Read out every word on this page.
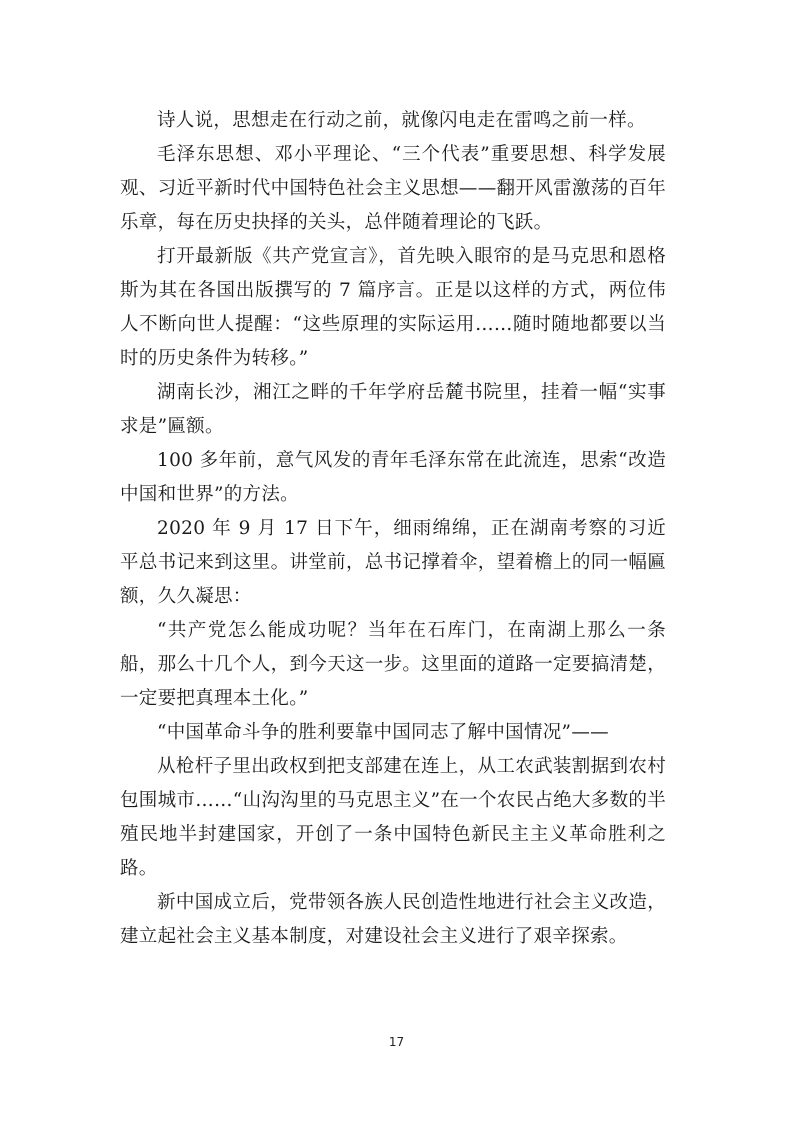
诗人说，思想走在行动之前，就像闪电走在雷鸣之前一样。

毛泽东思想、邓小平理论、“三个代表”重要思想、科学发展观、习近平新时代中国特色社会主义思想——翻开风雷激荡的百年乐章，每在历史抉择的关头，总伴随着理论的飞跃。

打开最新版《共产党宣言》，首先映入眼帘的是马克思和恩格斯为其在各国出版撰写的 7 篇序言。正是以这样的方式，两位伟人不断向世人提醒：“这些原理的实际运用……随时随地都要以当时的历史条件为转移。”

湖南长沙，湘江之畔的千年学府岳麓书院里，挂着一幅“实事求是”匾额。

100 多年前，意气风发的青年毛泽东常在此流连，思索“改造中国和世界”的方法。

2020 年 9 月 17 日下午，细雨绵绵，正在湖南考察的习近平总书记来到这里。讲堂前，总书记撑着伞，望着檐上的同一幅匾额，久久凝思：

“共产党怎么能成功呢？当年在石库门，在南湖上那么一条船，那么十几个人，到今天这一步。这里面的道路一定要搞清楚，一定要把真理本土化。”

“中国革命斗争的胜利要靠中国同志了解中国情况”——

从枪杆子里出政权到把支部建在连上，从工农武装割据到农村包围城市……“山沟沟里的马克思主义”在一个农民占绝大多数的半殖民地半封建国家，开创了一条中国特色新民主主义革命胜利之路。

新中国成立后，党带领各族人民创造性地进行社会主义改造，建立起社会主义基本制度，对建设社会主义进行了艰辛探索。

17
